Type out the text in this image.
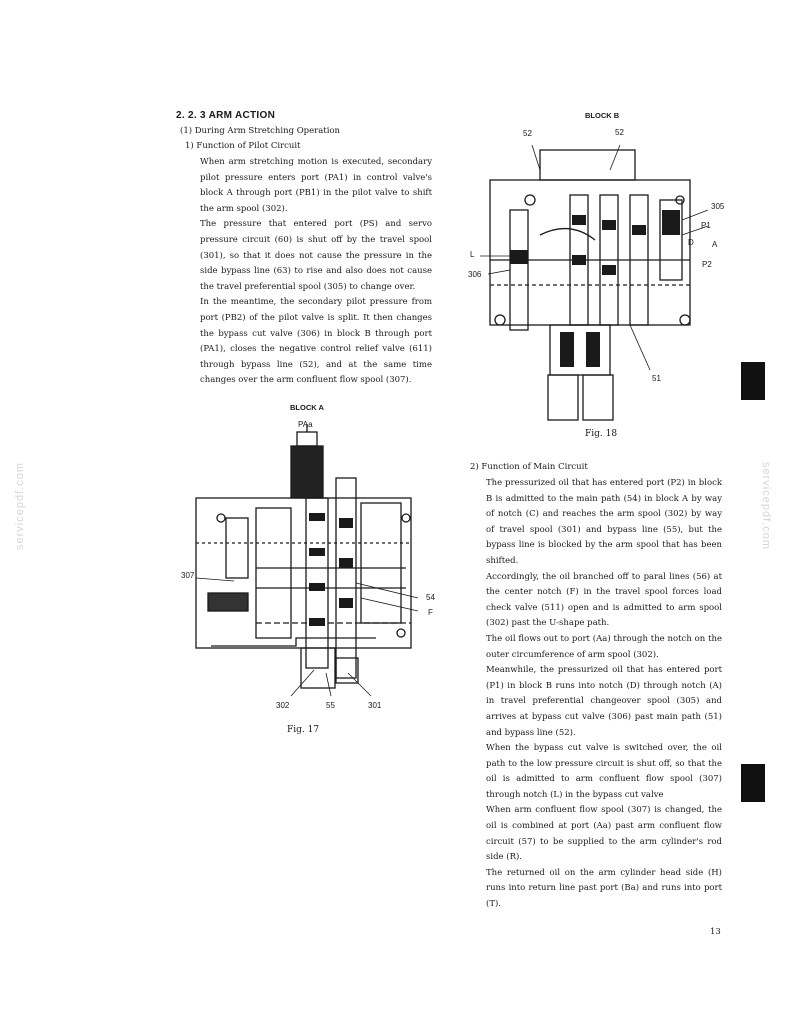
2. 2. 3 ARM ACTION
(1) During Arm Stretching Operation
1) Function of Pilot Circuit

When arm stretching motion is executed, secondary pilot pressure enters port (PA1) in control valve's block A through port (PB1) in the pilot valve to shift the arm spool (302).

The pressure that entered port (PS) and servo pressure circuit (60) is shut off by the travel spool (301), so that it does not cause the pressure in the side bypass line (63) to rise and also does not cause the travel preferential spool (305) to change over.

In the meantime, the secondary pilot pressure from port (PB2) of the pilot valve is split. It then changes the bypass cut valve (306) in block B through port (PA1), closes the negative control relief valve (611) through bypass line (52), and at the same time changes over the arm confluent flow spool (307).

BLOCK A
PAa
307
54
F
302	55	301
Fig. 17
BLOCK B
52	52
305
P1
D A
P2
L
306
51
Fig. 18
2) Function of Main Circuit

The pressurized oil that has entered port (P2) in block B is admitted to the main path (54) in block A by way of notch (C) and reaches the arm spool (302) by way of travel spool (301) and bypass line (55), but the bypass line is blocked by the arm spool that has been shifted.

Accordingly, the oil branched off to paral lines (56) at the center notch (F) in the travel spool forces load check valve (511) open and is admitted to arm spool (302) past the U-shape path.

The oil flows out to port (Aa) through the notch on the outer circumference of arm spool (302).

Meanwhile, the pressurized oil that has entered port (P1) in block B runs into notch (D) through notch (A) in travel preferential changeover spool (305) and arrives at bypass cut valve (306) past main path (51) and bypass line (52).

When the bypass cut valve is switched over, the oil path to the low pressure circuit is shut off, so that the oil is admitted to arm confluent flow spool (307) through notch (L) in the bypass cut valve

When arm confluent flow spool (307) is changed, the oil is combined at port (Aa) past arm confluent flow circuit (57) to be supplied to the arm cylinder's rod side (R).

The returned oil on the arm cylinder head side (H) runs into return line past port (Ba) and runs into port (T).

13
servicepdf.com	servicepdf.com
